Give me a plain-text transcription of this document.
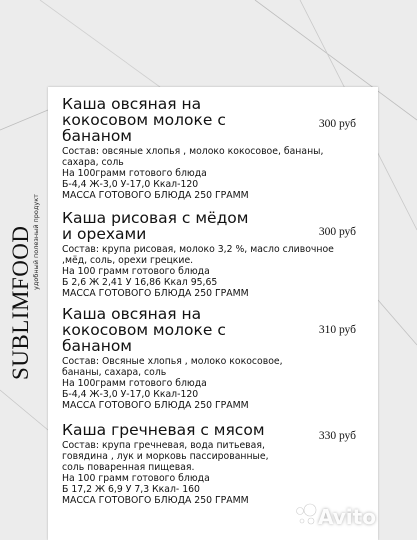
SUBLIMFOOD удобный полезный продукт
Каша овсяная на
кокосовом молоке с
бананом
300 руб
Состав: овсяные хлопья , молоко кокосовое, бананы,
сахара, соль
На 100грамм готового блюда
Б-4,4 Ж-3,0 У-17,0 Ккал-120
МАССА ГОТОВОГО БЛЮДА 250 ГРАММ
Каша рисовая с мёдом
и орехами	300 руб
Состав: крупа рисовая, молоко 3,2 %, масло сливочное
,мёд, соль, орехи грецкие.
На 100 грамм готового блюда
Б 2,6 Ж 2,41 У 16,86 Ккал 95,65
МАССА ГОТОВОГО БЛЮДА 250 ГРАММ
Каша овсяная на
кокосовом молоке с
бананом
310 руб
Состав: Овсяные хлопья , молоко кокосовое,
бананы, сахара, соль
На 100грамм готового блюда
Б-4,4 Ж-3,0 У-17,0 Ккал-120
МАССА ГОТОВОГО БЛЮДА 250 ГРАММ
Каша гречневая с мясом	330 руб
Состав: крупа гречневая, вода питьевая,
говядина , лук и морковь пассированные,
соль поваренная пищевая.
На 100 грамм готового блюда
Б 17,2 Ж 6,9 У 7,3 Ккал- 160
МАССА ГОТОВОГО БЛЮДА 250 ГРАММ
Avito
